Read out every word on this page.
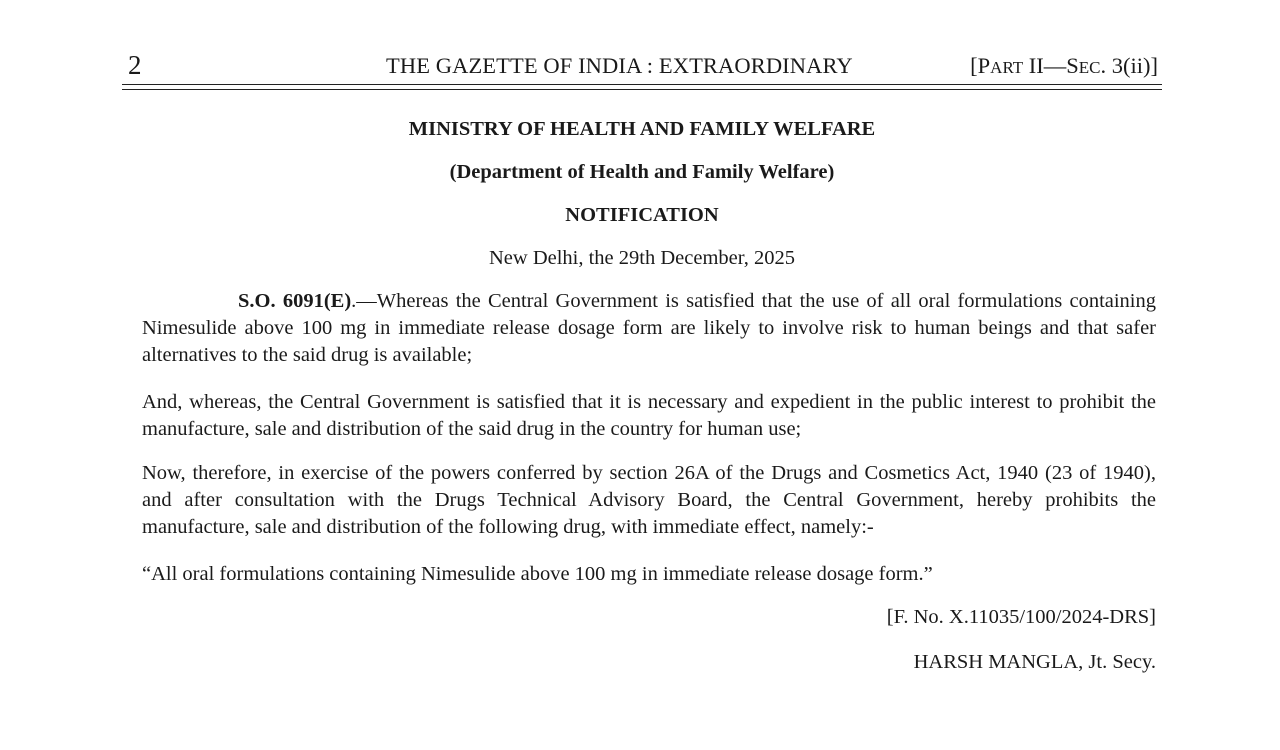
2	THE GAZETTE OF INDIA : EXTRAORDINARY	[PART II—SEC. 3(ii)]
MINISTRY OF HEALTH AND FAMILY WELFARE
(Department of Health and Family Welfare)
NOTIFICATION
New Delhi, the 29th December, 2025

S.O. 6091(E).—Whereas the Central Government is satisfied that the use of all oral formulations containing Nimesulide above 100 mg in immediate release dosage form are likely to involve risk to human beings and that safer alternatives to the said drug is available;

And, whereas, the Central Government is satisfied that it is necessary and expedient in the public interest to prohibit the manufacture, sale and distribution of the said drug in the country for human use;

Now, therefore, in exercise of the powers conferred by section 26A of the Drugs and Cosmetics Act, 1940 (23 of 1940), and after consultation with the Drugs Technical Advisory Board, the Central Government, hereby prohibits the manufacture, sale and distribution of the following drug, with immediate effect, namely:-

“All oral formulations containing Nimesulide above 100 mg in immediate release dosage form.”

[F. No. X.11035/100/2024-DRS]
HARSH MANGLA, Jt. Secy.
